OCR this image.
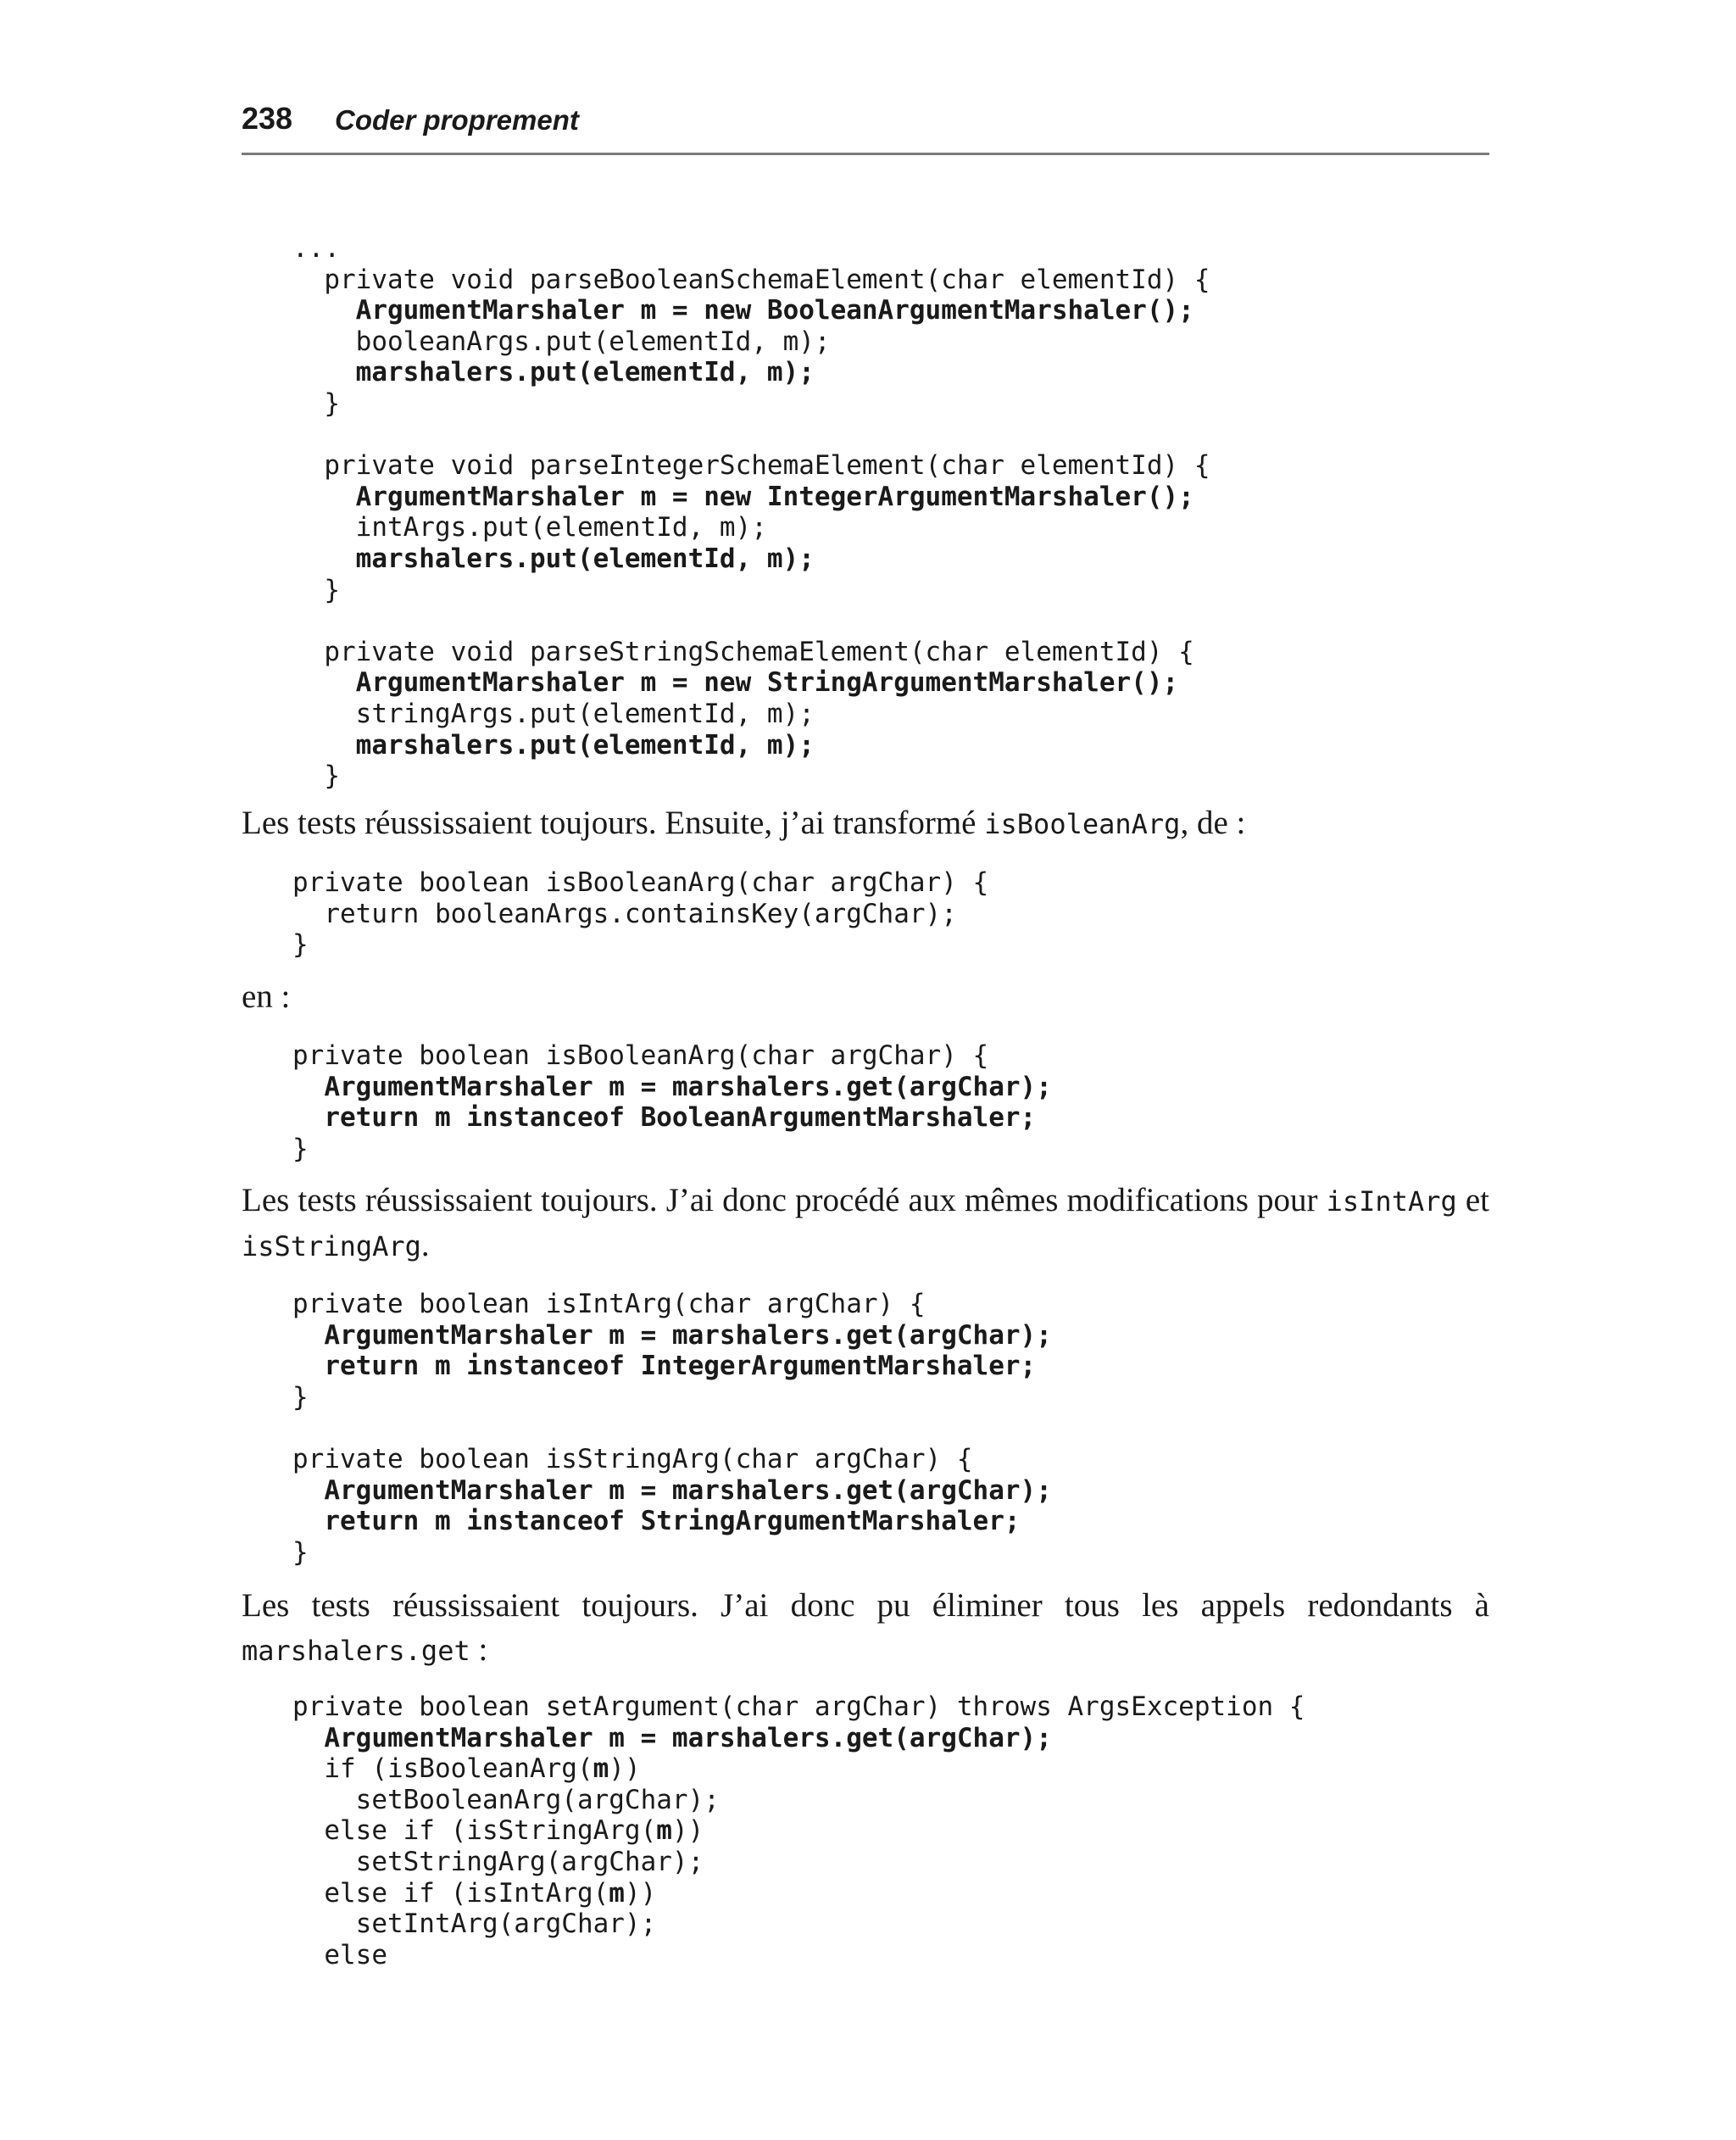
238 Coder proprement
...
private void parseBooleanSchemaElement(char elementId) {
ArgumentMarshaler m = new BooleanArgumentMarshaler();
booleanArgs.put(elementId, m);
marshalers.put(elementId, m);
}
private void parseIntegerSchemaElement(char elementId) {
ArgumentMarshaler m = new IntegerArgumentMarshaler();
intArgs.put(elementId, m);
marshalers.put(elementId, m);
}
private void parseStringSchemaElement(char elementId) {
ArgumentMarshaler m = new StringArgumentMarshaler();
stringArgs.put(elementId, m);
marshalers.put(elementId, m);
}

Les tests réussissaient toujours. Ensuite, j’ai transformé isBooleanArg, de :

private boolean isBooleanArg(char argChar) {
return booleanArgs.containsKey(argChar);
}

en :

private boolean isBooleanArg(char argChar) {
ArgumentMarshaler m = marshalers.get(argChar);
return m instanceof BooleanArgumentMarshaler;
}

Les tests réussissaient toujours. J’ai donc procédé aux mêmes modifications pour isIntArg et isStringArg.

private boolean isIntArg(char argChar) {
ArgumentMarshaler m = marshalers.get(argChar);
return m instanceof IntegerArgumentMarshaler;
}
private boolean isStringArg(char argChar) {
ArgumentMarshaler m = marshalers.get(argChar);
return m instanceof StringArgumentMarshaler;
}

Les tests réussissaient toujours. J’ai donc pu éliminer tous les appels redondants à marshalers.get :

private boolean setArgument(char argChar) throws ArgsException {
ArgumentMarshaler m = marshalers.get(argChar);
if (isBooleanArg(m))
setBooleanArg(argChar);
else if (isStringArg(m))
setStringArg(argChar);
else if (isIntArg(m))
setIntArg(argChar);
else
